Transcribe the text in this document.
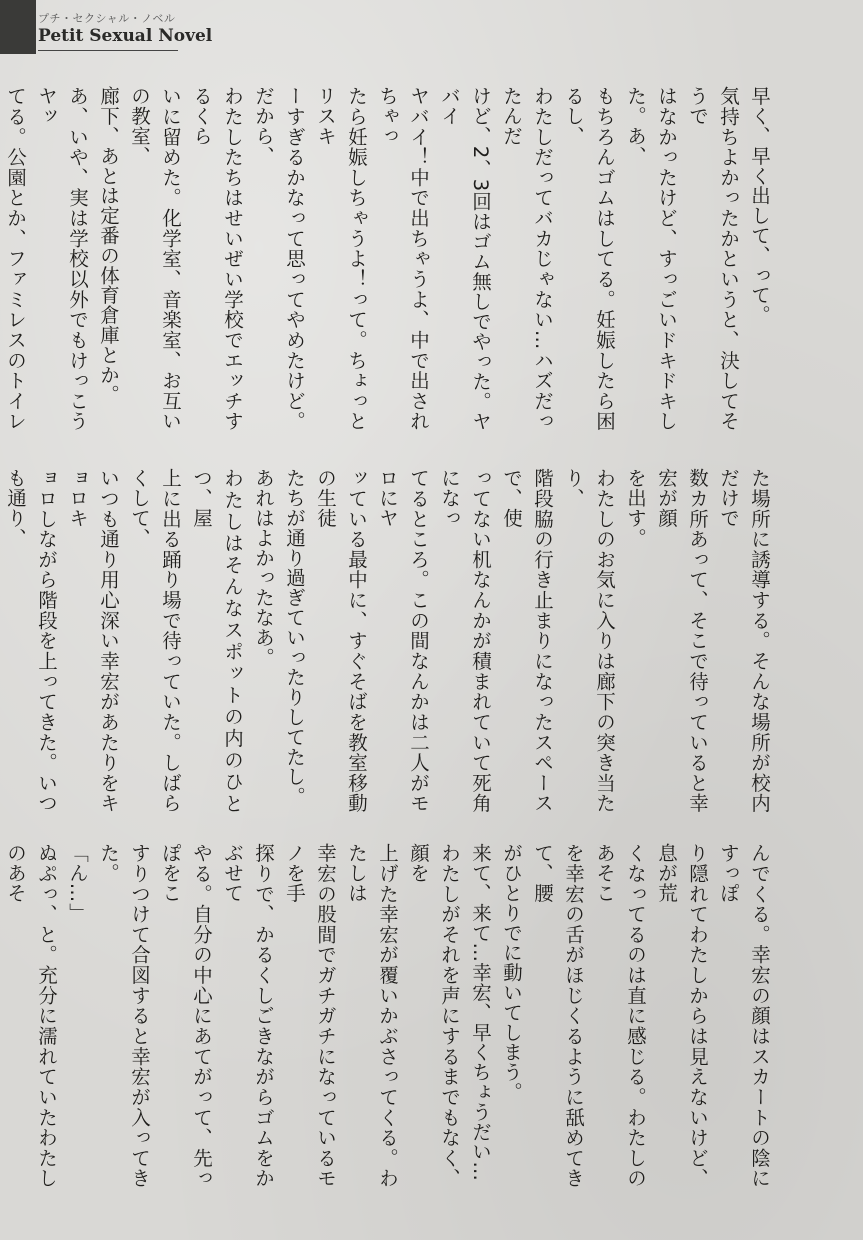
プチ・セクシャル・ノベル
Petit Sexual Novel

早く、早く出して、って。

気持ちよかったかというと、決してそうで

はなかったけど、すっごいドキドキした。あ、

もちろんゴムはしてる。妊娠したら困るし、

わたしだってバカじゃない…ハズだったんだ

けど、2、3回はゴム無しでやった。ヤバイ

ヤバイ！中で出ちゃうよ、中で出されちゃっ

たら妊娠しちゃうよ！って。ちょっとリスキ

ーすぎるかなって思ってやめたけど。だから、

わたしたちはせいぜい学校でエッチするくら

いに留めた。化学室、音楽室、お互いの教室、

廊下、あとは定番の体育倉庫とか。

あ、いや、実は学校以外でもけっこうヤッ

てる。公園とか、ファミレスのトイレ

た場所に誘導する。そんな場所が校内だけで

数カ所あって、そこで待っていると幸宏が顔

を出す。

わたしのお気に入りは廊下の突き当たり、

階段脇の行き止まりになったスペースで、使

ってない机なんかが積まれていて死角になっ

てるところ。この間なんかは二人がモロにヤ

ッている最中に、すぐそばを教室移動の生徒

たちが通り過ぎていったりしてたし。

あれはよかったなあ。

わたしはそんなスポットの内のひとつ、屋

上に出る踊り場で待っていた。しばらくして、

いつも通り用心深い幸宏があたりをキョロキ

ョロしながら階段を上ってきた。いつも通り、

んでくる。幸宏の顔はスカートの陰にすっぽ

り隠れてわたしからは見えないけど、息が荒

くなってるのは直に感じる。わたしのあそこ

を幸宏の舌がほじくるように舐めてきて、腰

がひとりでに動いてしまう。

来て、来て…幸宏、早くちょうだい…

わたしがそれを声にするまでもなく、顔を

上げた幸宏が覆いかぶさってくる。わたしは

幸宏の股間でガチガチになっているモノを手

探りで、かるくしごきながらゴムをかぶせて

やる。自分の中心にあてがって、先っぽをこ

すりつけて合図すると幸宏が入ってきた。

「ん…」

ぬぷっ、と。充分に濡れていたわたしのあそ
